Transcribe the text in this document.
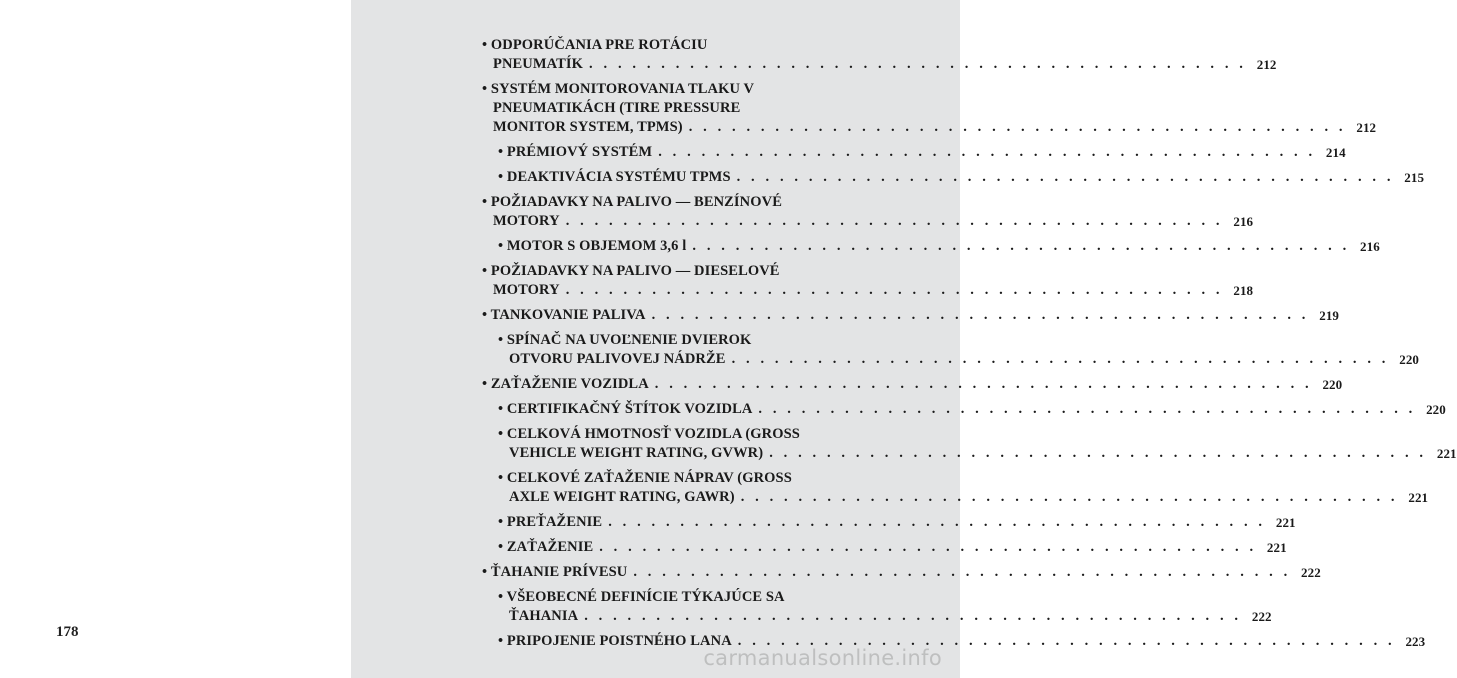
178
• ODPORÚČANIA PRE ROTÁCIU
PNEUMATÍK . . . . . . . . . . . . . . . . . . . . . . . . . . . . . . . . . . . . . . . . . . . . . . 212
• SYSTÉM MONITOROVANIA TLAKU V
PNEUMATIKÁCH (TIRE PRESSURE
MONITOR SYSTEM, TPMS) . . . . . . . . . . . . . . . . . . . . . . . . . . . . . . . . . . . . . . . . . . . . . . 212
• PRÉMIOVÝ SYSTÉM . . . . . . . . . . . . . . . . . . . . . . . . . . . . . . . . . . . . . . . . . . . . . . 214
• DEAKTIVÁCIA SYSTÉMU TPMS . . . . . . . . . . . . . . . . . . . . . . . . . . . . . . . . . . . . . . . . . . . . . . 215
• POŽIADAVKY NA PALIVO — BENZÍNOVÉ
MOTORY . . . . . . . . . . . . . . . . . . . . . . . . . . . . . . . . . . . . . . . . . . . . . . 216
• MOTOR S OBJEMOM 3,6 l . . . . . . . . . . . . . . . . . . . . . . . . . . . . . . . . . . . . . . . . . . . . . . 216
• POŽIADAVKY NA PALIVO — DIESELOVÉ
MOTORY . . . . . . . . . . . . . . . . . . . . . . . . . . . . . . . . . . . . . . . . . . . . . . 218
• TANKOVANIE PALIVA . . . . . . . . . . . . . . . . . . . . . . . . . . . . . . . . . . . . . . . . . . . . . . 219
• SPÍNAČ NA UVOĽNENIE DVIEROK
OTVORU PALIVOVEJ NÁDRŽE . . . . . . . . . . . . . . . . . . . . . . . . . . . . . . . . . . . . . . . . . . . . . . 220
• ZAŤAŽENIE VOZIDLA . . . . . . . . . . . . . . . . . . . . . . . . . . . . . . . . . . . . . . . . . . . . . . 220
• CERTIFIKAČNÝ ŠTÍTOK VOZIDLA . . . . . . . . . . . . . . . . . . . . . . . . . . . . . . . . . . . . . . . . . . . . . . 220
• CELKOVÁ HMOTNOSŤ VOZIDLA (GROSS
VEHICLE WEIGHT RATING, GVWR) . . . . . . . . . . . . . . . . . . . . . . . . . . . . . . . . . . . . . . . . . . . . . . 221
• CELKOVÉ ZAŤAŽENIE NÁPRAV (GROSS
AXLE WEIGHT RATING, GAWR) . . . . . . . . . . . . . . . . . . . . . . . . . . . . . . . . . . . . . . . . . . . . . . 221
• PREŤAŽENIE . . . . . . . . . . . . . . . . . . . . . . . . . . . . . . . . . . . . . . . . . . . . . . 221
• ZAŤAŽENIE . . . . . . . . . . . . . . . . . . . . . . . . . . . . . . . . . . . . . . . . . . . . . . 221
• ŤAHANIE PRÍVESU . . . . . . . . . . . . . . . . . . . . . . . . . . . . . . . . . . . . . . . . . . . . . . 222
• VŠEOBECNÉ DEFINÍCIE TÝKAJÚCE SA
ŤAHANIA . . . . . . . . . . . . . . . . . . . . . . . . . . . . . . . . . . . . . . . . . . . . . . 222
• PRIPOJENIE POISTNÉHO LANA . . . . . . . . . . . . . . . . . . . . . . . . . . . . . . . . . . . . . . . . . . . . . . 223
carmanualsonline.info
